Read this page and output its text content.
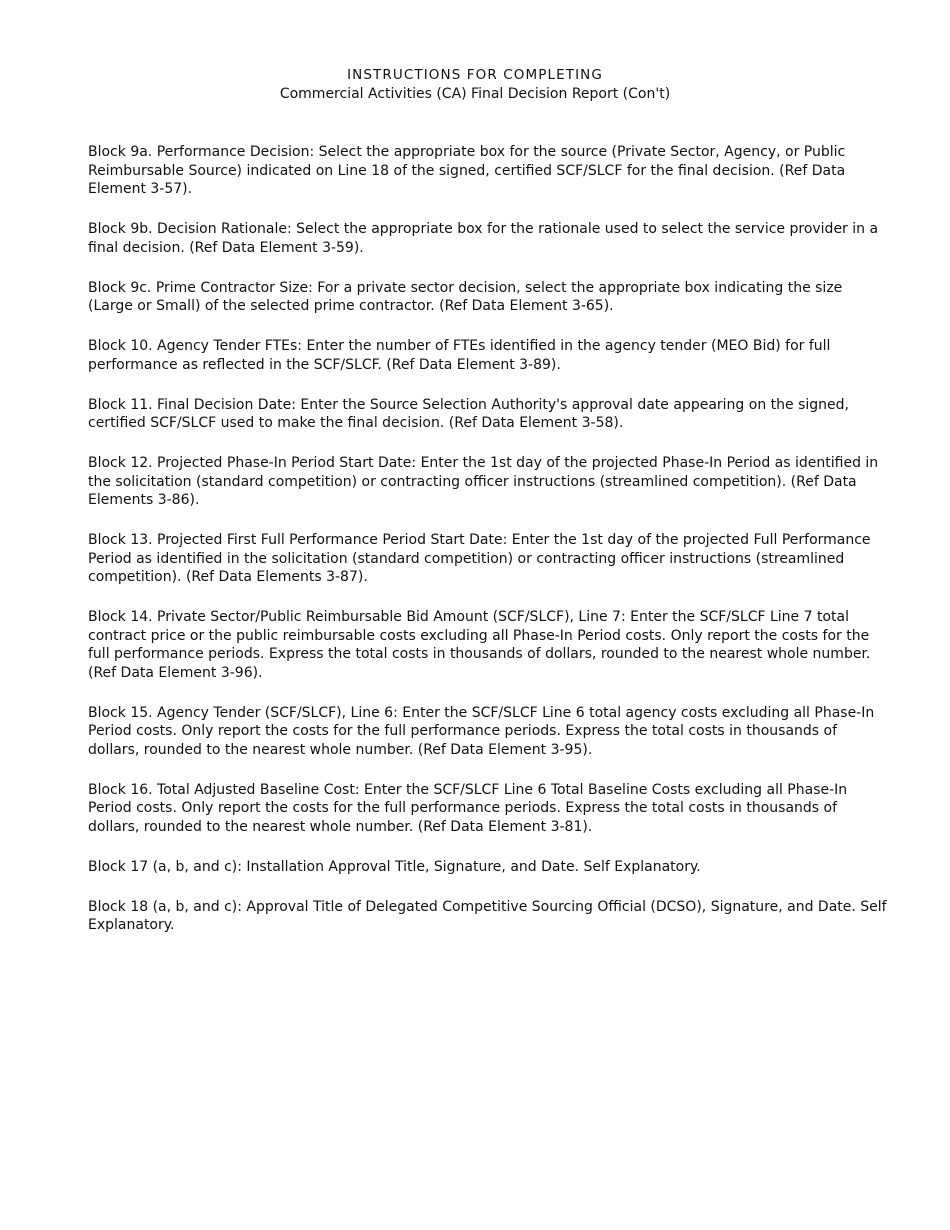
INSTRUCTIONS FOR COMPLETING

Commercial Activities (CA) Final Decision Report (Con't)

Block 9a. Performance Decision: Select the appropriate box for the source (Private Sector, Agency, or Public Reimbursable Source) indicated on Line 18 of the signed, certified SCF/SLCF for the final decision. (Ref Data Element 3-57).

Block 9b. Decision Rationale: Select the appropriate box for the rationale used to select the service provider in a final decision. (Ref Data Element 3-59).

Block 9c. Prime Contractor Size: For a private sector decision, select the appropriate box indicating the size (Large or Small) of the selected prime contractor. (Ref Data Element 3-65).

Block 10. Agency Tender FTEs: Enter the number of FTEs identified in the agency tender (MEO Bid) for full performance as reflected in the SCF/SLCF. (Ref Data Element 3-89).

Block 11. Final Decision Date: Enter the Source Selection Authority's approval date appearing on the signed, certified SCF/SLCF used to make the final decision. (Ref Data Element 3-58).

Block 12. Projected Phase-In Period Start Date: Enter the 1st day of the projected Phase-In Period as identified in the solicitation (standard competition) or contracting officer instructions (streamlined competition). (Ref Data Elements 3-86).

Block 13. Projected First Full Performance Period Start Date: Enter the 1st day of the projected Full Performance Period as identified in the solicitation (standard competition) or contracting officer instructions (streamlined competition). (Ref Data Elements 3-87).

Block 14. Private Sector/Public Reimbursable Bid Amount (SCF/SLCF), Line 7: Enter the SCF/SLCF Line 7 total contract price or the public reimbursable costs excluding all Phase-In Period costs. Only report the costs for the full performance periods. Express the total costs in thousands of dollars, rounded to the nearest whole number. (Ref Data Element 3-96).

Block 15. Agency Tender (SCF/SLCF), Line 6: Enter the SCF/SLCF Line 6 total agency costs excluding all Phase-In Period costs. Only report the costs for the full performance periods. Express the total costs in thousands of dollars, rounded to the nearest whole number. (Ref Data Element 3-95).

Block 16. Total Adjusted Baseline Cost: Enter the SCF/SLCF Line 6 Total Baseline Costs excluding all Phase-In Period costs. Only report the costs for the full performance periods. Express the total costs in thousands of dollars, rounded to the nearest whole number. (Ref Data Element 3-81).

Block 17 (a, b, and c): Installation Approval Title, Signature, and Date. Self Explanatory.

Block 18 (a, b, and c): Approval Title of Delegated Competitive Sourcing Official (DCSO), Signature, and Date. Self Explanatory.
